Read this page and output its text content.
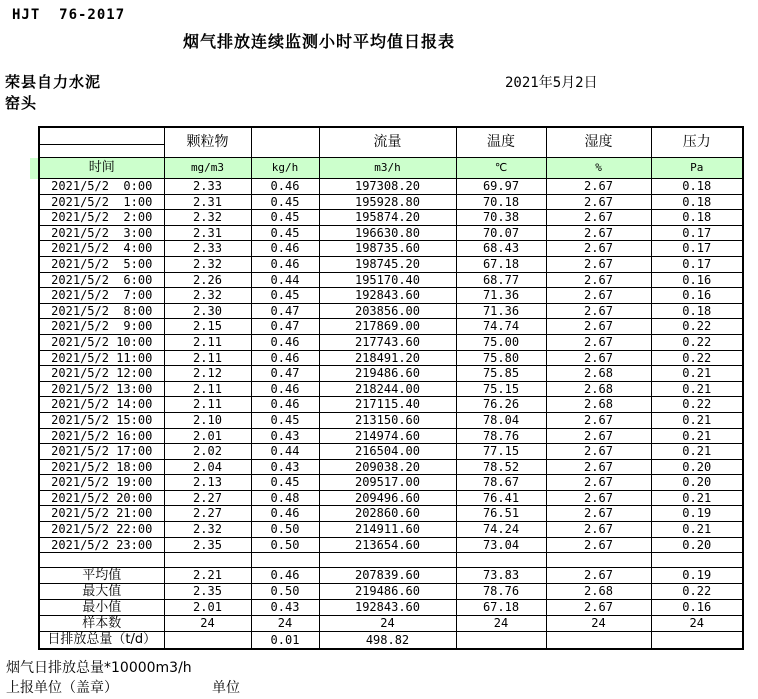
HJT  76-2017
烟气排放连续监测小时平均值日报表
荣县自力水泥
窑头
2021年5月2日
	颗粒物		流量	温度	湿度	压力

时间	mg/m3	kg/h	m3/h	℃	%	Pa
2021/5/2  0:00	2.33	0.46	197308.20	69.97	2.67	0.18
2021/5/2  1:00	2.31	0.45	195928.80	70.18	2.67	0.18
2021/5/2  2:00	2.32	0.45	195874.20	70.38	2.67	0.18
2021/5/2  3:00	2.31	0.45	196630.80	70.07	2.67	0.17
2021/5/2  4:00	2.33	0.46	198735.60	68.43	2.67	0.17
2021/5/2  5:00	2.32	0.46	198745.20	67.18	2.67	0.17
2021/5/2  6:00	2.26	0.44	195170.40	68.77	2.67	0.16
2021/5/2  7:00	2.32	0.45	192843.60	71.36	2.67	0.16
2021/5/2  8:00	2.30	0.47	203856.00	71.36	2.67	0.18
2021/5/2  9:00	2.15	0.47	217869.00	74.74	2.67	0.22
2021/5/2 10:00	2.11	0.46	217743.60	75.00	2.67	0.22
2021/5/2 11:00	2.11	0.46	218491.20	75.80	2.67	0.22
2021/5/2 12:00	2.12	0.47	219486.60	75.85	2.68	0.21
2021/5/2 13:00	2.11	0.46	218244.00	75.15	2.68	0.21
2021/5/2 14:00	2.11	0.46	217115.40	76.26	2.68	0.22
2021/5/2 15:00	2.10	0.45	213150.60	78.04	2.67	0.21
2021/5/2 16:00	2.01	0.43	214974.60	78.76	2.67	0.21
2021/5/2 17:00	2.02	0.44	216504.00	77.15	2.67	0.21
2021/5/2 18:00	2.04	0.43	209038.20	78.52	2.67	0.20
2021/5/2 19:00	2.13	0.45	209517.00	78.67	2.67	0.20
2021/5/2 20:00	2.27	0.48	209496.60	76.41	2.67	0.21
2021/5/2 21:00	2.27	0.46	202860.60	76.51	2.67	0.19
2021/5/2 22:00	2.32	0.50	214911.60	74.24	2.67	0.21
2021/5/2 23:00	2.35	0.50	213654.60	73.04	2.67	0.20

平均值	2.21	0.46	207839.60	73.83	2.67	0.19
最大值	2.35	0.50	219486.60	78.76	2.68	0.22
最小值	2.01	0.43	192843.60	67.18	2.67	0.16
样本数	24	24	24	24	24	24
日排放总量（t/d）		0.01	498.82			
烟气日排放总量*10000m3/h
上报单位（盖章）	单位
